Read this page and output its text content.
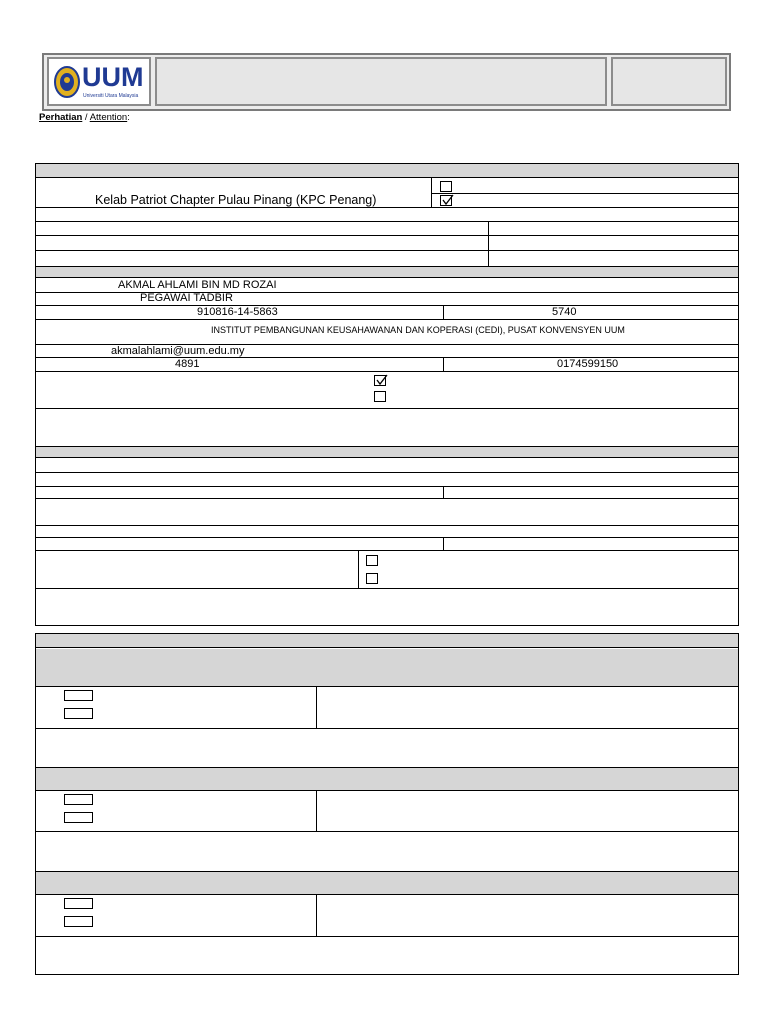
UUM
Universiti Utara Malaysia
Perhatian / Attention:
Kelab Patriot Chapter Pulau Pinang (KPC Penang)
AKMAL AHLAMI BIN MD ROZAI
PEGAWAI TADBIR
910816-14-5863	5740
INSTITUT PEMBANGUNAN KEUSAHAWANAN DAN KOPERASI (CEDI), PUSAT KONVENSYEN UUM
akmalahlami@uum.edu.my
4891	0174599150
